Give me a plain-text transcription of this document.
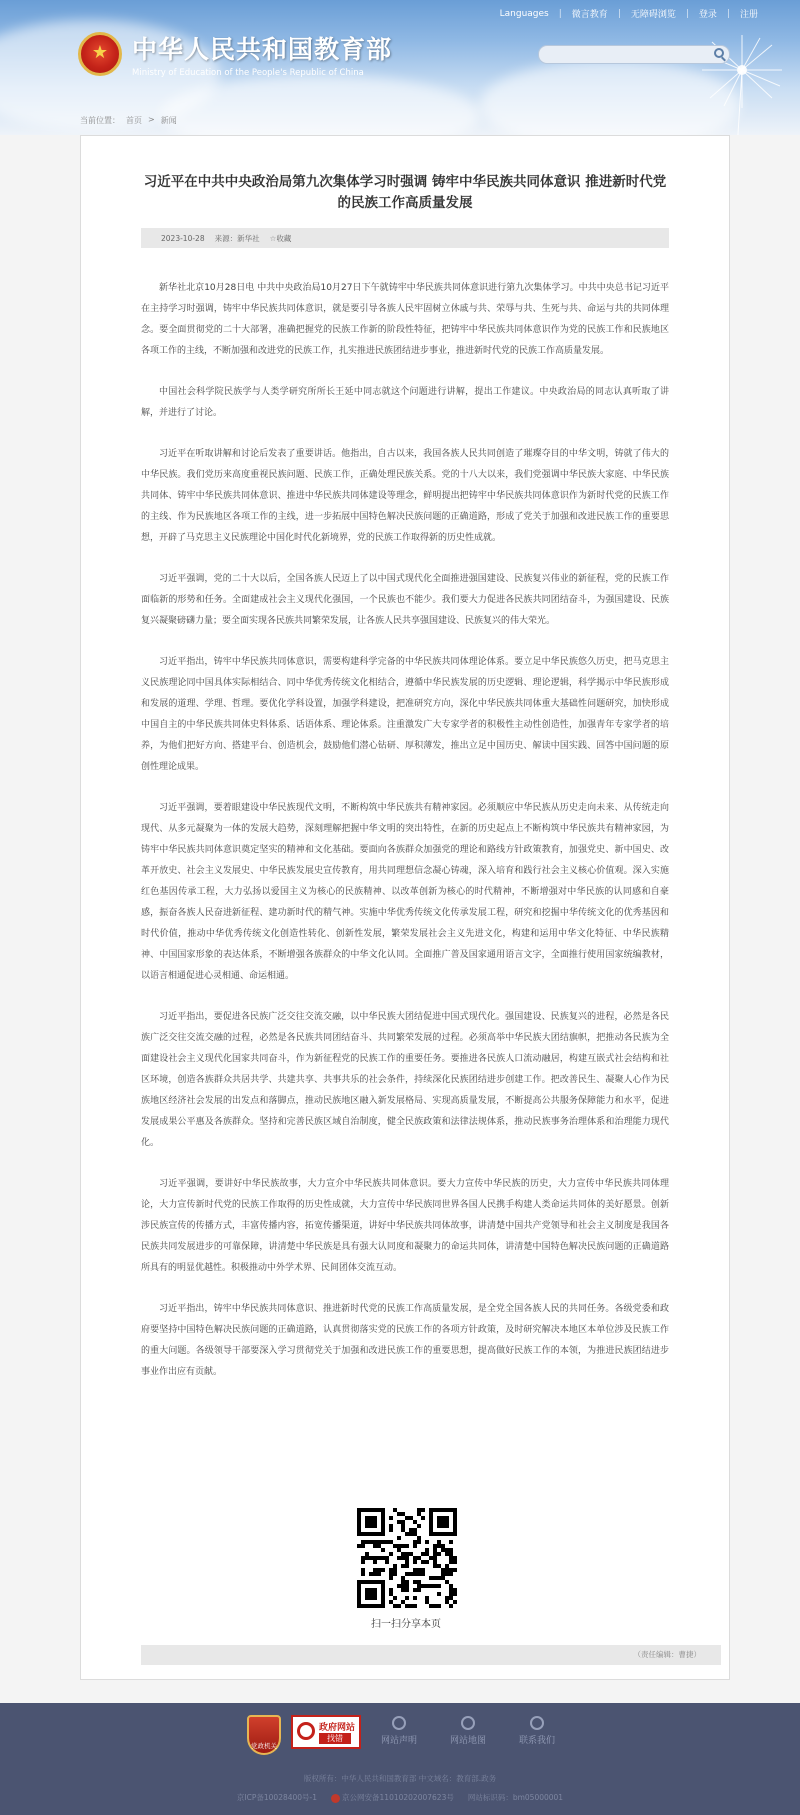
Languages | 微言教育 | 无障碍浏览 | 登录 | 注册
★
中华人民共和国教育部
Ministry of Education of the People's Republic of China
当前位置： 首页 > 新闻
习近平在中共中央政治局第九次集体学习时强调 铸牢中华民族共同体意识 推进新时代党的民族工作高质量发展
2023-10-28 来源：新华社 ☆收藏

新华社北京10月28日电 中共中央政治局10月27日下午就铸牢中华民族共同体意识进行第九次集体学习。中共中央总书记习近平在主持学习时强调，铸牢中华民族共同体意识，就是要引导各族人民牢固树立休戚与共、荣辱与共、生死与共、命运与共的共同体理念。要全面贯彻党的二十大部署，准确把握党的民族工作新的阶段性特征，把铸牢中华民族共同体意识作为党的民族工作和民族地区各项工作的主线，不断加强和改进党的民族工作，扎实推进民族团结进步事业，推进新时代党的民族工作高质量发展。

中国社会科学院民族学与人类学研究所所长王延中同志就这个问题进行讲解，提出工作建议。中央政治局的同志认真听取了讲解，并进行了讨论。

习近平在听取讲解和讨论后发表了重要讲话。他指出，自古以来，我国各族人民共同创造了璀璨夺目的中华文明，铸就了伟大的中华民族。我们党历来高度重视民族问题、民族工作，正确处理民族关系。党的十八大以来，我们党强调中华民族大家庭、中华民族共同体、铸牢中华民族共同体意识、推进中华民族共同体建设等理念，鲜明提出把铸牢中华民族共同体意识作为新时代党的民族工作的主线、作为民族地区各项工作的主线，进一步拓展中国特色解决民族问题的正确道路，形成了党关于加强和改进民族工作的重要思想，开辟了马克思主义民族理论中国化时代化新境界，党的民族工作取得新的历史性成就。

习近平强调，党的二十大以后，全国各族人民迈上了以中国式现代化全面推进强国建设、民族复兴伟业的新征程，党的民族工作面临新的形势和任务。全面建成社会主义现代化强国，一个民族也不能少。我们要大力促进各民族共同团结奋斗，为强国建设、民族复兴凝聚磅礴力量；要全面实现各民族共同繁荣发展，让各族人民共享强国建设、民族复兴的伟大荣光。

习近平指出，铸牢中华民族共同体意识，需要构建科学完备的中华民族共同体理论体系。要立足中华民族悠久历史，把马克思主义民族理论同中国具体实际相结合、同中华优秀传统文化相结合，遵循中华民族发展的历史逻辑、理论逻辑，科学揭示中华民族形成和发展的道理、学理、哲理。要优化学科设置，加强学科建设，把准研究方向，深化中华民族共同体重大基础性问题研究，加快形成中国自主的中华民族共同体史料体系、话语体系、理论体系。注重激发广大专家学者的积极性主动性创造性，加强青年专家学者的培养，为他们把好方向、搭建平台、创造机会，鼓励他们潜心钻研、厚积薄发，推出立足中国历史、解读中国实践、回答中国问题的原创性理论成果。

习近平强调，要着眼建设中华民族现代文明，不断构筑中华民族共有精神家园。必须顺应中华民族从历史走向未来、从传统走向现代、从多元凝聚为一体的发展大趋势，深刻理解把握中华文明的突出特性，在新的历史起点上不断构筑中华民族共有精神家园，为铸牢中华民族共同体意识奠定坚实的精神和文化基础。要面向各族群众加强党的理论和路线方针政策教育，加强党史、新中国史、改革开放史、社会主义发展史、中华民族发展史宣传教育，用共同理想信念凝心铸魂，深入培育和践行社会主义核心价值观。深入实施红色基因传承工程，大力弘扬以爱国主义为核心的民族精神、以改革创新为核心的时代精神，不断增强对中华民族的认同感和自豪感，振奋各族人民奋进新征程、建功新时代的精气神。实施中华优秀传统文化传承发展工程，研究和挖掘中华传统文化的优秀基因和时代价值，推动中华优秀传统文化创造性转化、创新性发展，繁荣发展社会主义先进文化，构建和运用中华文化特征、中华民族精神、中国国家形象的表达体系，不断增强各族群众的中华文化认同。全面推广普及国家通用语言文字，全面推行使用国家统编教材，以语言相通促进心灵相通、命运相通。

习近平指出，要促进各民族广泛交往交流交融，以中华民族大团结促进中国式现代化。强国建设、民族复兴的进程，必然是各民族广泛交往交流交融的过程，必然是各民族共同团结奋斗、共同繁荣发展的过程。必须高举中华民族大团结旗帜，把推动各民族为全面建设社会主义现代化国家共同奋斗，作为新征程党的民族工作的重要任务。要推进各民族人口流动融居，构建互嵌式社会结构和社区环境，创造各族群众共居共学、共建共享、共事共乐的社会条件，持续深化民族团结进步创建工作。把改善民生、凝聚人心作为民族地区经济社会发展的出发点和落脚点，推动民族地区融入新发展格局、实现高质量发展，不断提高公共服务保障能力和水平，促进发展成果公平惠及各族群众。坚持和完善民族区域自治制度，健全民族政策和法律法规体系，推动民族事务治理体系和治理能力现代化。

习近平强调，要讲好中华民族故事，大力宣介中华民族共同体意识。要大力宣传中华民族的历史，大力宣传中华民族共同体理论，大力宣传新时代党的民族工作取得的历史性成就，大力宣传中华民族同世界各国人民携手构建人类命运共同体的美好愿景。创新涉民族宣传的传播方式，丰富传播内容，拓宽传播渠道，讲好中华民族共同体故事，讲清楚中国共产党领导和社会主义制度是我国各民族共同发展进步的可靠保障，讲清楚中华民族是具有强大认同度和凝聚力的命运共同体，讲清楚中国特色解决民族问题的正确道路所具有的明显优越性。积极推动中外学术界、民间团体交流互动。

习近平指出，铸牢中华民族共同体意识、推进新时代党的民族工作高质量发展，是全党全国各族人民的共同任务。各级党委和政府要坚持中国特色解决民族问题的正确道路，认真贯彻落实党的民族工作的各项方针政策，及时研究解决本地区本单位涉及民族工作的重大问题。各级领导干部要深入学习贯彻党关于加强和改进民族工作的重要思想，提高做好民族工作的本领，为推进民族团结进步事业作出应有贡献。

扫一扫分享本页
（责任编辑：曹捷）
党政机关
政府网站
找错	网站声明	网站地图	联系我们
版权所有：中华人民共和国教育部 中文域名：教育部.政务
京ICP备10028400号-1	京公网安备11010202007623号 网站标识码：bm05000001
